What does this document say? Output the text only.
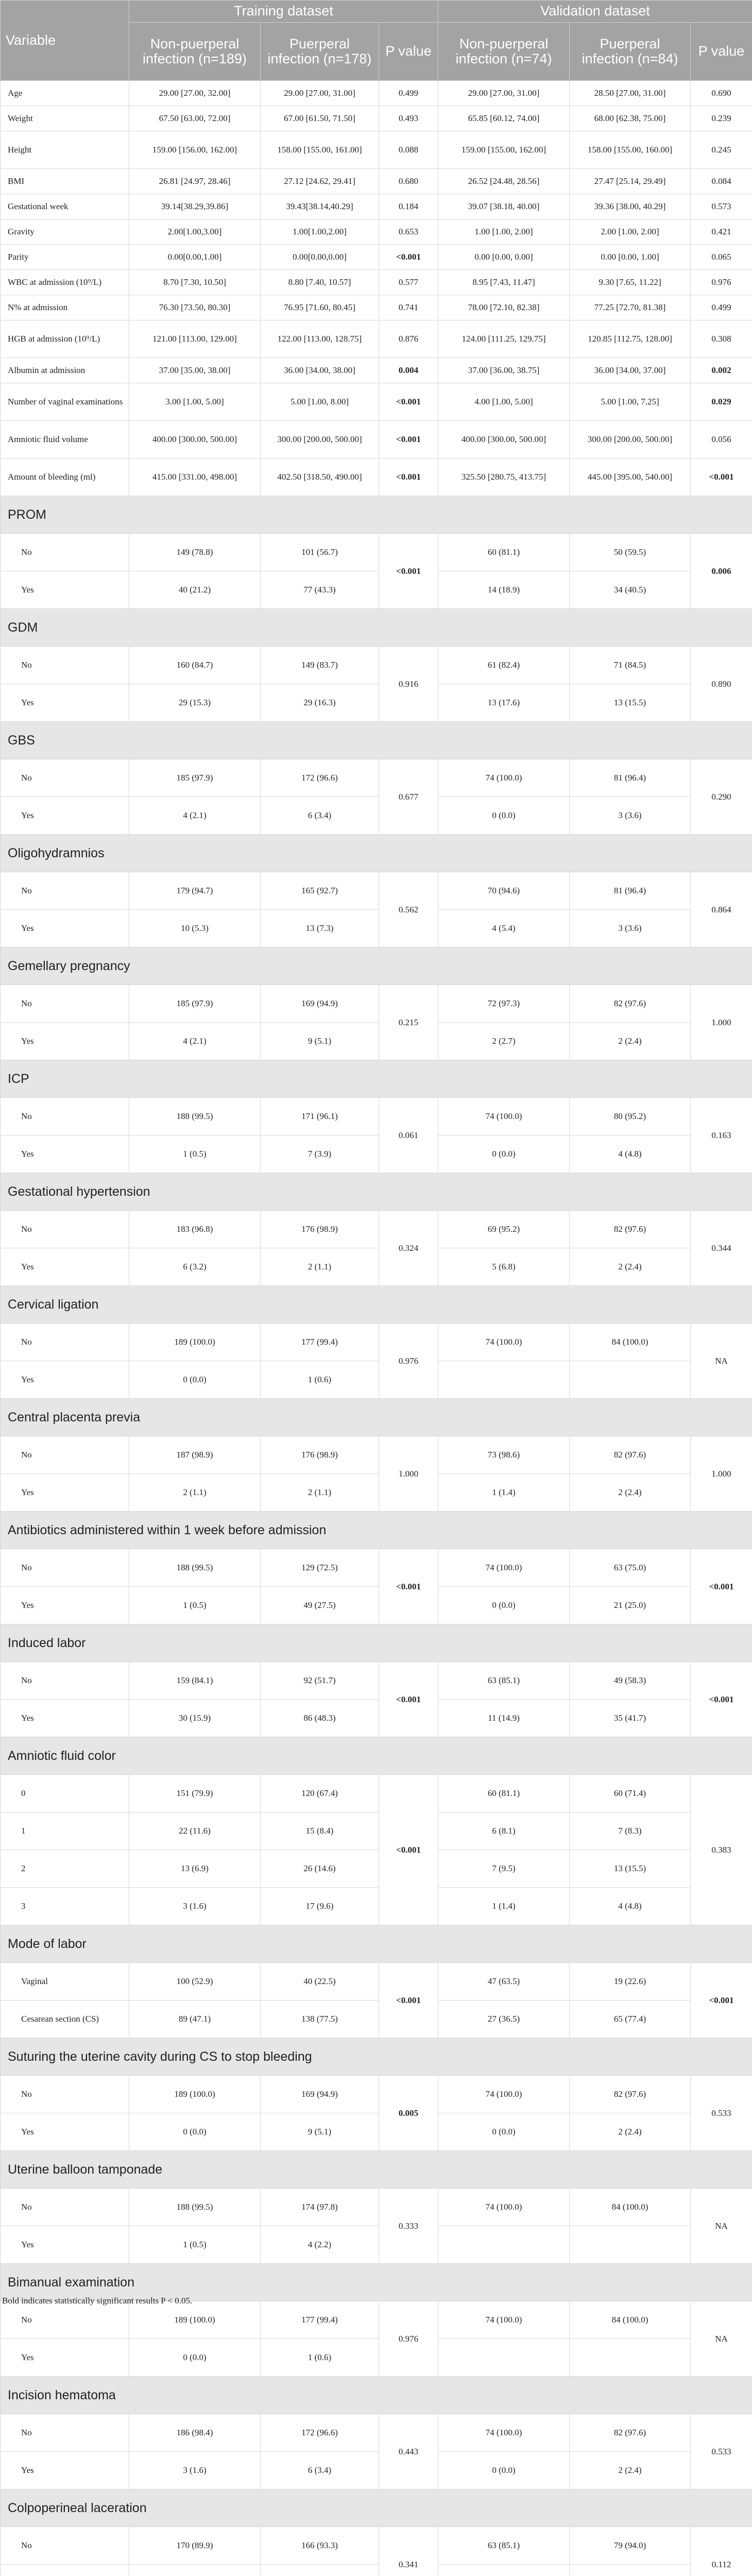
Variable	Training dataset			Validation dataset		
	Non-puerperal infection (n=189)	Puerperal infection (n=178)	P value	Non-puerperal infection (n=74)	Puerperal infection (n=84)	P value
Age	29.00 [27.00, 32.00]	29.00 [27.00, 31.00]	0.499	29.00 [27.00, 31.00]	28.50 [27.00, 31.00]	0.690
Weight	67.50 [63.00, 72.00]	67.00 [61.50, 71.50]	0.493	65.85 [60.12, 74.00]	68.00 [62.38, 75.00]	0.239
Height	159.00 [156.00, 162.00]	158.00 [155.00, 161.00]	0.088	159.00 [155.00, 162.00]	158.00 [155.00, 160.00]	0.245
BMI	26.81 [24.97, 28.46]	27.12 [24.62, 29.41]	0.680	26.52 [24.48, 28.56]	27.47 [25.14, 29.49]	0.084
Gestational week	39.14[38.29,39.86]	39.43[38.14,40.29]	0.184	39.07 [38.18, 40.00]	39.36 [38.00, 40.29]	0.573
Gravity	2.00[1.00,3.00]	1.00[1.00,2.00]	0.653	1.00 [1.00, 2.00]	2.00 [1.00, 2.00]	0.421
Parity	0.00[0.00,1.00]	0.00[0.00,0.00]	<0.001	0.00 [0.00, 0.00]	0.00 [0.00, 1.00]	0.065
WBC at admission (10⁹/L)	8.70 [7.30, 10.50]	8.80 [7.40, 10.57]	0.577	8.95 [7.43, 11.47]	9.30 [7.65, 11.22]	0.976
N% at admission	76.30 [73.50, 80.30]	76.95 [71.60, 80.45]	0.741	78.00 [72.10, 82.38]	77.25 [72.70, 81.38]	0.499
HGB at admission (10⁹/L)	121.00 [113.00, 129.00]	122.00 [113.00, 128.75]	0.876	124.00 [111.25, 129.75]	120.85 [112.75, 128.00]	0.308
Albumin at admission	37.00 [35.00, 38.00]	36.00 [34.00, 38.00]	0.004	37.00 [36.00, 38.75]	36.00 [34.00, 37.00]	0.002
Number of vaginal examinations	3.00 [1.00, 5.00]	5.00 [1.00, 8.00]	<0.001	4.00 [1.00, 5.00]	5.00 [1.00, 7.25]	0.029
Amniotic fluid volume	400.00 [300.00, 500.00]	300.00 [200.00, 500.00]	<0.001	400.00 [300.00, 500.00]	300.00 [200.00, 500.00]	0.056
Amount of bleeding (ml)	415.00 [331.00, 498.00]	402.50 [318.50, 490.00]	<0.001	325.50 [280.75, 413.75]	445.00 [395.00, 540.00]	<0.001
PROM						
No	149 (78.8)	101 (56.7)	<0.001	60 (81.1)	50 (59.5)	0.006
Yes	40 (21.2)	77 (43.3)		14 (18.9)	34 (40.5)	
GDM						
No	160 (84.7)	149 (83.7)	0.916	61 (82.4)	71 (84.5)	0.890
Yes	29 (15.3)	29 (16.3)		13 (17.6)	13 (15.5)	
GBS						
No	185 (97.9)	172 (96.6)	0.677	74 (100.0)	81 (96.4)	0.290
Yes	4 (2.1)	6 (3.4)		0 (0.0)	3 (3.6)	
Oligohydramnios						
No	179 (94.7)	165 (92.7)	0.562	70 (94.6)	81 (96.4)	0.864
Yes	10 (5.3)	13 (7.3)		4 (5.4)	3 (3.6)	
Gemellary pregnancy						
No	185 (97.9)	169 (94.9)	0.215	72 (97.3)	82 (97.6)	1.000
Yes	4 (2.1)	9 (5.1)		2 (2.7)	2 (2.4)	
ICP						
No	188 (99.5)	171 (96.1)	0.061	74 (100.0)	80 (95.2)	0.163
Yes	1 (0.5)	7 (3.9)		0 (0.0)	4 (4.8)	
Gestational hypertension						
No	183 (96.8)	176 (98.9)	0.324	69 (95.2)	82 (97.6)	0.344
Yes	6 (3.2)	2 (1.1)		5 (6.8)	2 (2.4)	
Cervical ligation						
No	189 (100.0)	177 (99.4)	0.976	74 (100.0)	84 (100.0)	NA
Yes	0 (0.0)	1 (0.6)				
Central placenta previa						
No	187 (98.9)	176 (98.9)	1.000	73 (98.6)	82 (97.6)	1.000
Yes	2 (1.1)	2 (1.1)		1 (1.4)	2 (2.4)	
Antibiotics administered within 1 week before admission						
No	188 (99.5)	129 (72.5)	<0.001	74 (100.0)	63 (75.0)	<0.001
Yes	1 (0.5)	49 (27.5)		0 (0.0)	21 (25.0)	
Induced labor						
No	159 (84.1)	92 (51.7)	<0.001	63 (85.1)	49 (58.3)	<0.001
Yes	30 (15.9)	86 (48.3)		11 (14.9)	35 (41.7)	
Amniotic fluid color						
0	151 (79.9)	120 (67.4)	<0.001	60 (81.1)	60 (71.4)	0.383
1	22 (11.6)	15 (8.4)		6 (8.1)	7 (8.3)	
2	13 (6.9)	26 (14.6)		7 (9.5)	13 (15.5)	
3	3 (1.6)	17 (9.6)		1 (1.4)	4 (4.8)	
Mode of labor						
Vaginal	100 (52.9)	40 (22.5)	<0.001	47 (63.5)	19 (22.6)	<0.001
Cesarean section (CS)	89 (47.1)	138 (77.5)		27 (36.5)	65 (77.4)	
Suturing the uterine cavity during CS to stop bleeding						
No	189 (100.0)	169 (94.9)	0.005	74 (100.0)	82 (97.6)	0.533
Yes	0 (0.0)	9 (5.1)		0 (0.0)	2 (2.4)	
Uterine balloon tamponade						
No	188 (99.5)	174 (97.8)	0.333	74 (100.0)	84 (100.0)	NA
Yes	1 (0.5)	4 (2.2)				
Bimanual examination						
No	189 (100.0)	177 (99.4)	0.976	74 (100.0)	84 (100.0)	NA
Yes	0 (0.0)	1 (0.6)				
Incision hematoma						
No	186 (98.4)	172 (96.6)	0.443	74 (100.0)	82 (97.6)	0.533
Yes	3 (1.6)	6 (3.4)		0 (0.0)	2 (2.4)	
Colpoperineal laceration						
No	170 (89.9)	166 (93.3)	0.341	63 (85.1)	79 (94.0)	0.112

Bold indicates statistically significant results P < 0.05.
